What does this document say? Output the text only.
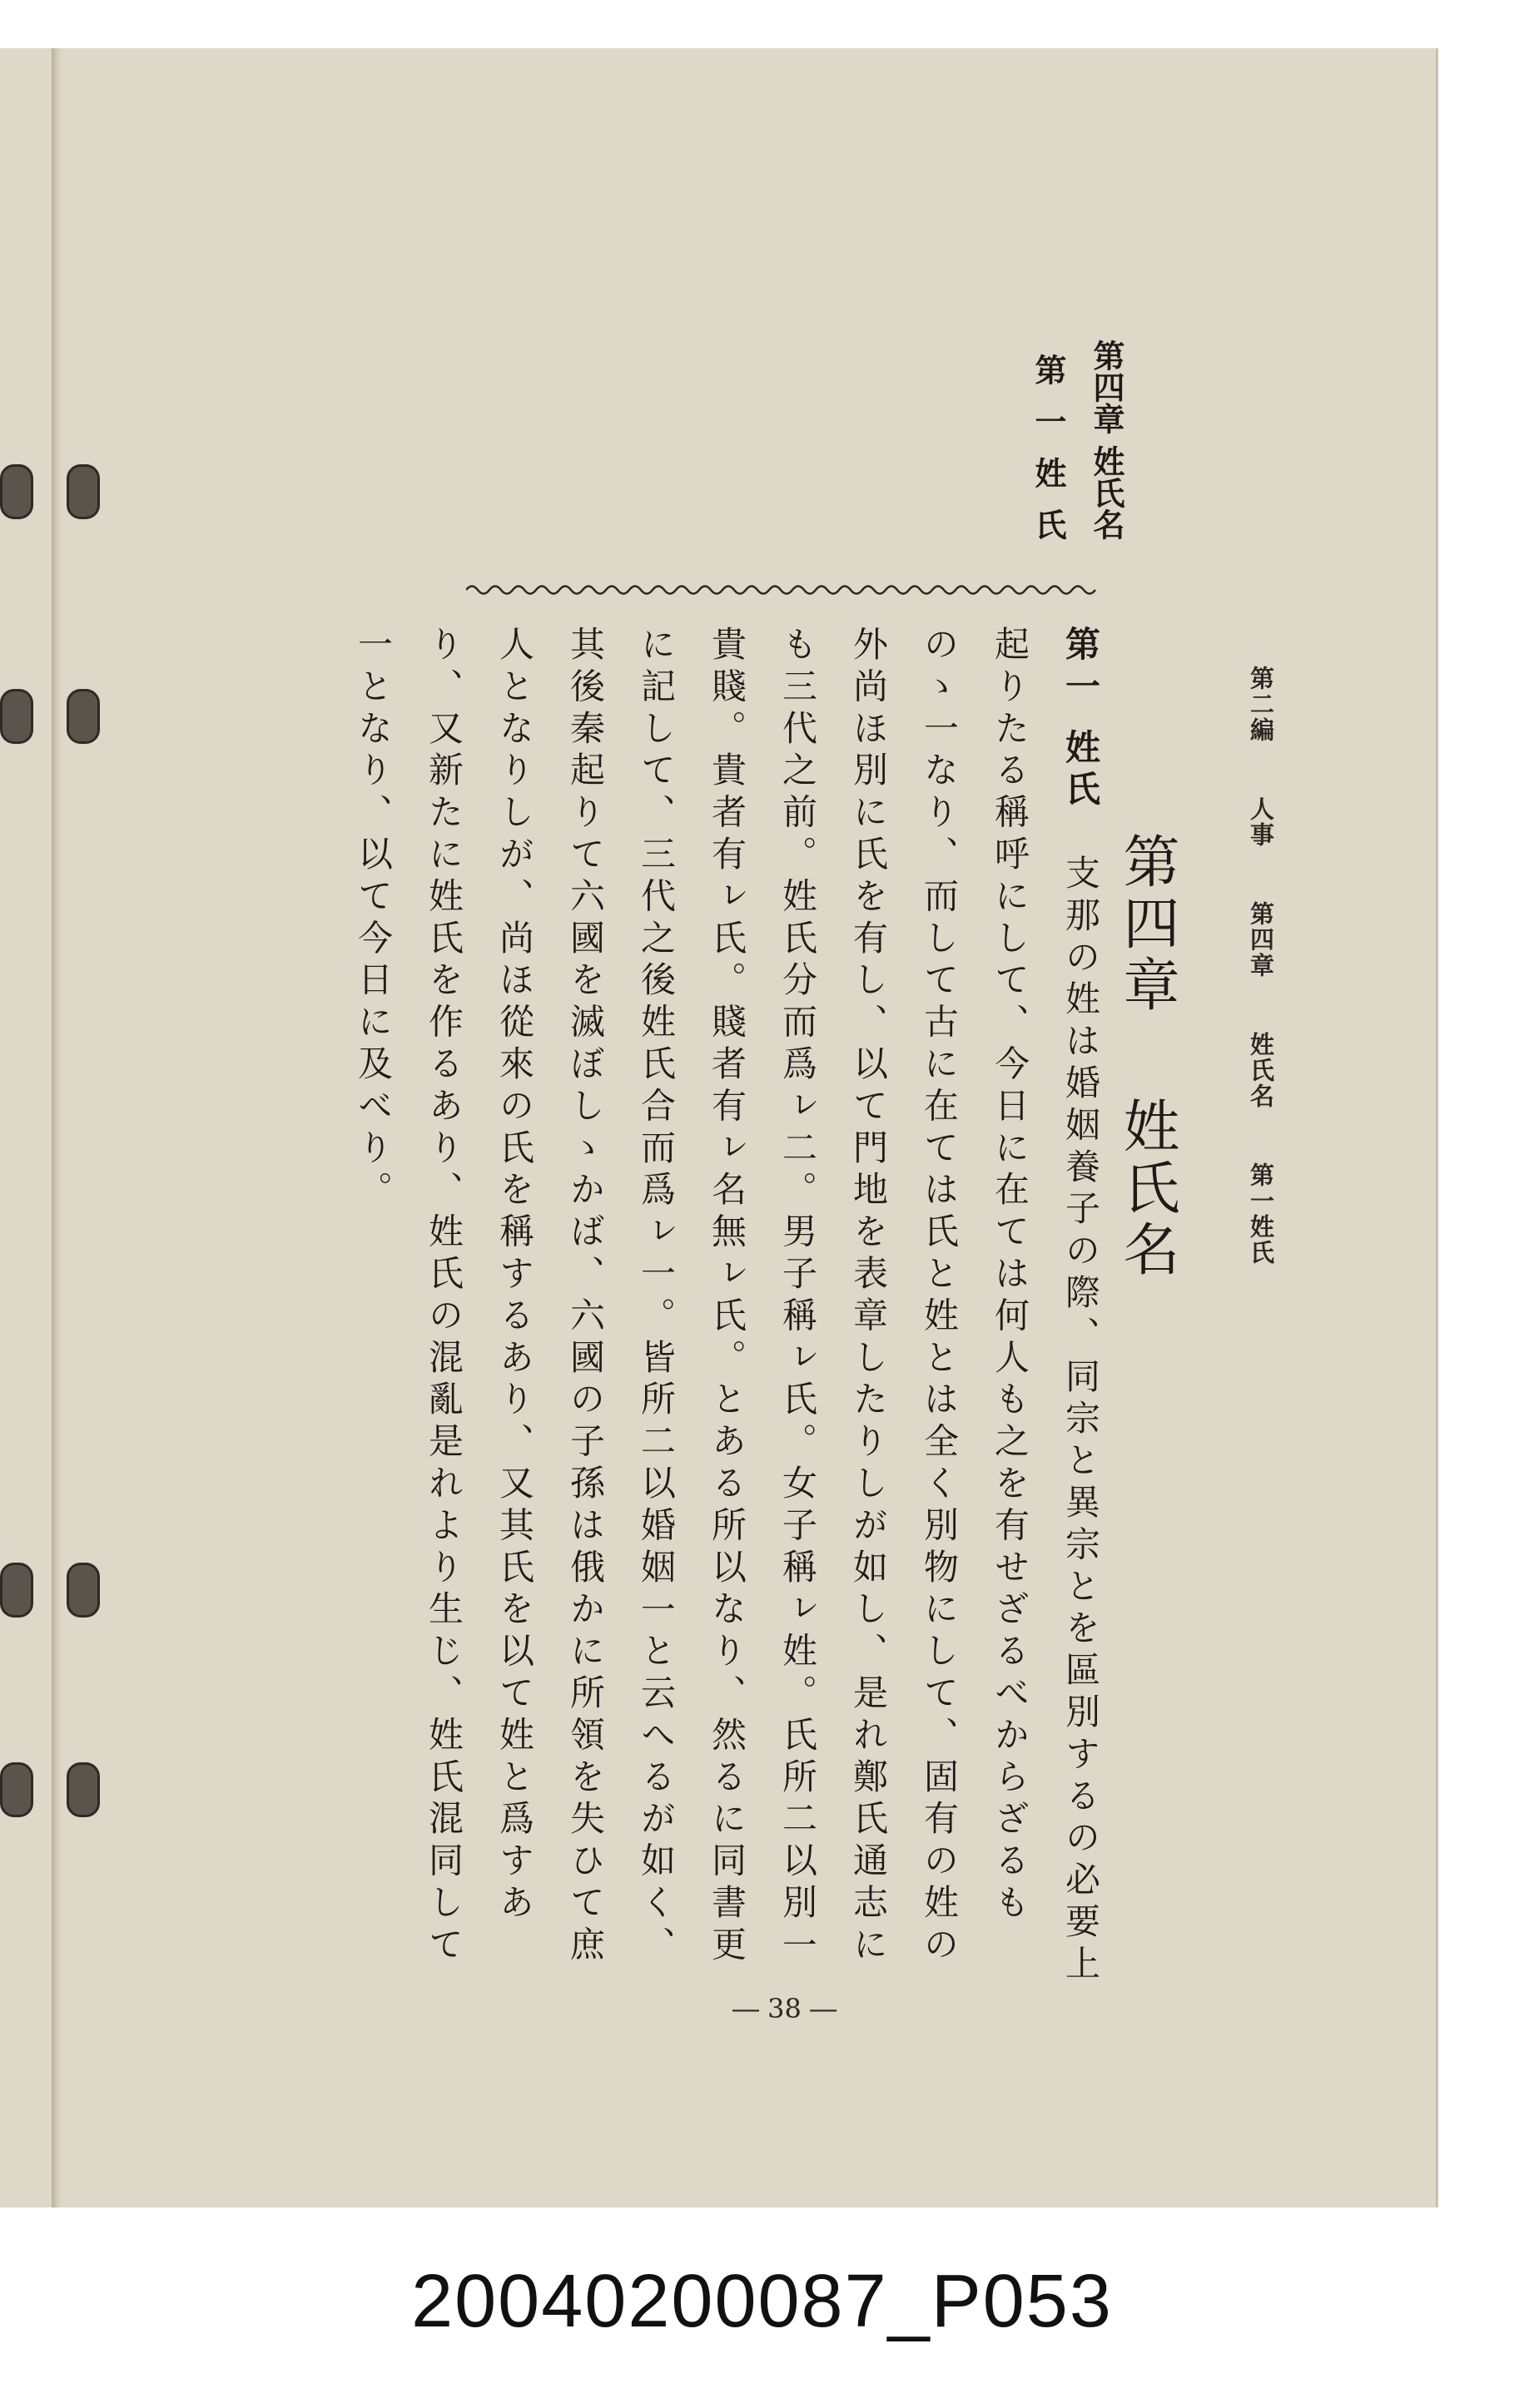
第二編 人事 第四章 姓氏名 第一姓氏
第四章姓氏名
第四章 姓氏名
第一姓氏

第一 姓氏　支那の姓は婚姻養子の際、同宗と異宗とを區別するの必要上起りたる稱呼にして、今日に在ては何人も之を有せざるべからざるものゝ一なり、而して古に在ては氏と姓とは全く別物にして、固有の姓の外尚ほ別に氏を有し、以て門地を表章したりしが如し、是れ鄭氏通志にも三代之前。姓氏分而爲ㇾ二。男子稱ㇾ氏。女子稱ㇾ姓。氏所㆓以別㆒貴賤。貴者有ㇾ氏。賤者有ㇾ名無ㇾ氏。とある所以なり、然るに同書更に記して、三代之後姓氏合而爲ㇾ一。皆所㆓以婚姻㆒と云へるが如く、其後秦起りて六國を滅ぼしゝかば、六國の子孫は俄かに所領を失ひて庶人となりしが、尚ほ從來の氏を稱するあり、又其氏を以て姓と爲すあり、又新たに姓氏を作るあり、姓氏の混亂是れより生じ、姓氏混同して一となり、以て今日に及べり。

― 38 ―
20040200087_P053
